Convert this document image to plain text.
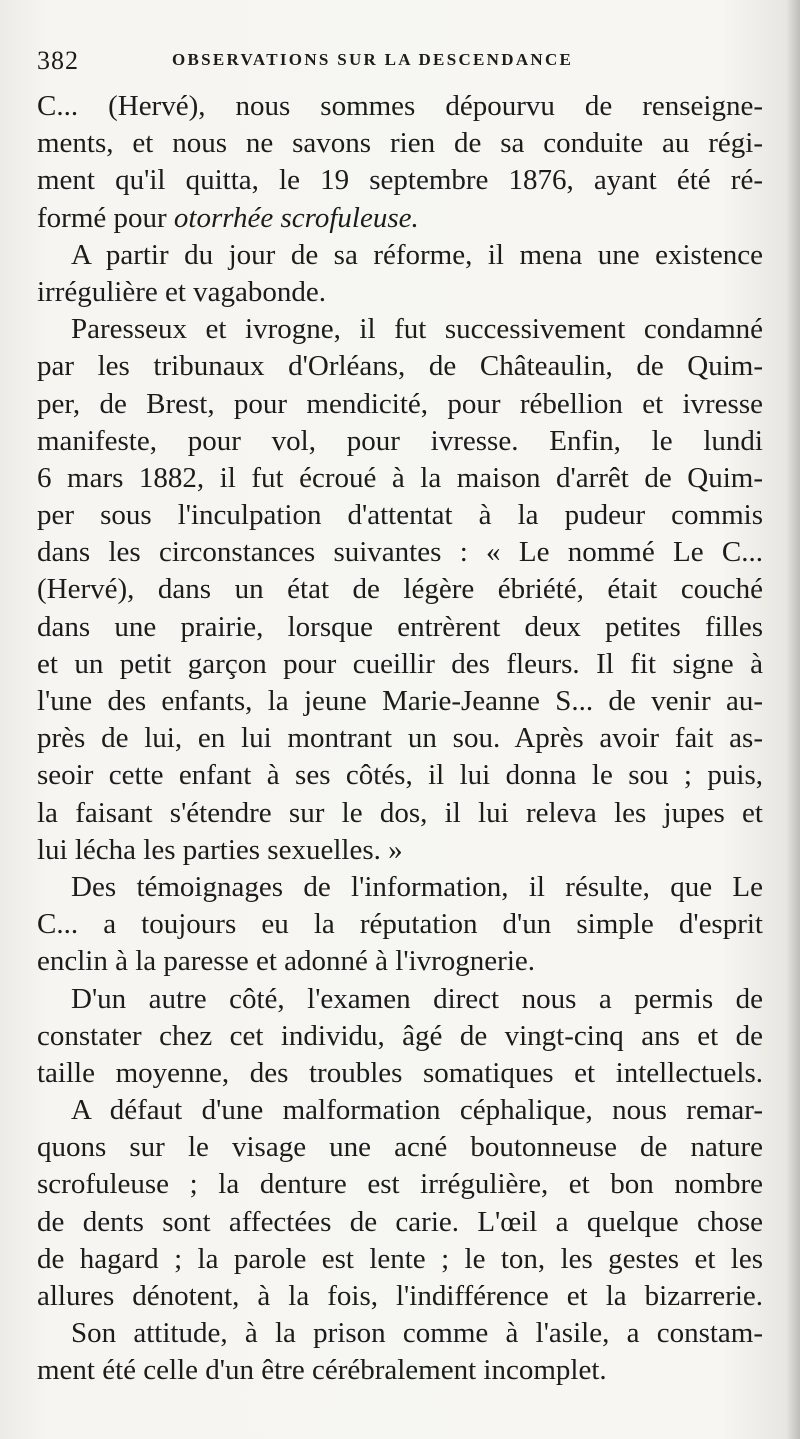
382	OBSERVATIONS SUR LA DESCENDANCE
C... (Hervé), nous sommes dépourvu de renseigne-
ments, et nous ne savons rien de sa conduite au régi-
ment qu'il quitta, le 19 septembre 1876, ayant été ré-
formé pour otorrhée scrofuleuse.
A partir du jour de sa réforme, il mena une existence
irrégulière et vagabonde.
Paresseux et ivrogne, il fut successivement condamné
par les tribunaux d'Orléans, de Châteaulin, de Quim-
per, de Brest, pour mendicité, pour rébellion et ivresse
manifeste, pour vol, pour ivresse. Enfin, le lundi
6 mars 1882, il fut écroué à la maison d'arrêt de Quim-
per sous l'inculpation d'attentat à la pudeur commis
dans les circonstances suivantes : « Le nommé Le C...
(Hervé), dans un état de légère ébriété, était couché
dans une prairie, lorsque entrèrent deux petites filles
et un petit garçon pour cueillir des fleurs. Il fit signe à
l'une des enfants, la jeune Marie-Jeanne S... de venir au-
près de lui, en lui montrant un sou. Après avoir fait as-
seoir cette enfant à ses côtés, il lui donna le sou ; puis,
la faisant s'étendre sur le dos, il lui releva les jupes et
lui lécha les parties sexuelles. »
Des témoignages de l'information, il résulte, que Le
C... a toujours eu la réputation d'un simple d'esprit
enclin à la paresse et adonné à l'ivrognerie.
D'un autre côté, l'examen direct nous a permis de
constater chez cet individu, âgé de vingt-cinq ans et de
taille moyenne, des troubles somatiques et intellectuels.
A défaut d'une malformation céphalique, nous remar-
quons sur le visage une acné boutonneuse de nature
scrofuleuse ; la denture est irrégulière, et bon nombre
de dents sont affectées de carie. L'œil a quelque chose
de hagard ; la parole est lente ; le ton, les gestes et les
allures dénotent, à la fois, l'indifférence et la bizarrerie.
Son attitude, à la prison comme à l'asile, a constam-
ment été celle d'un être cérébralement incomplet.
